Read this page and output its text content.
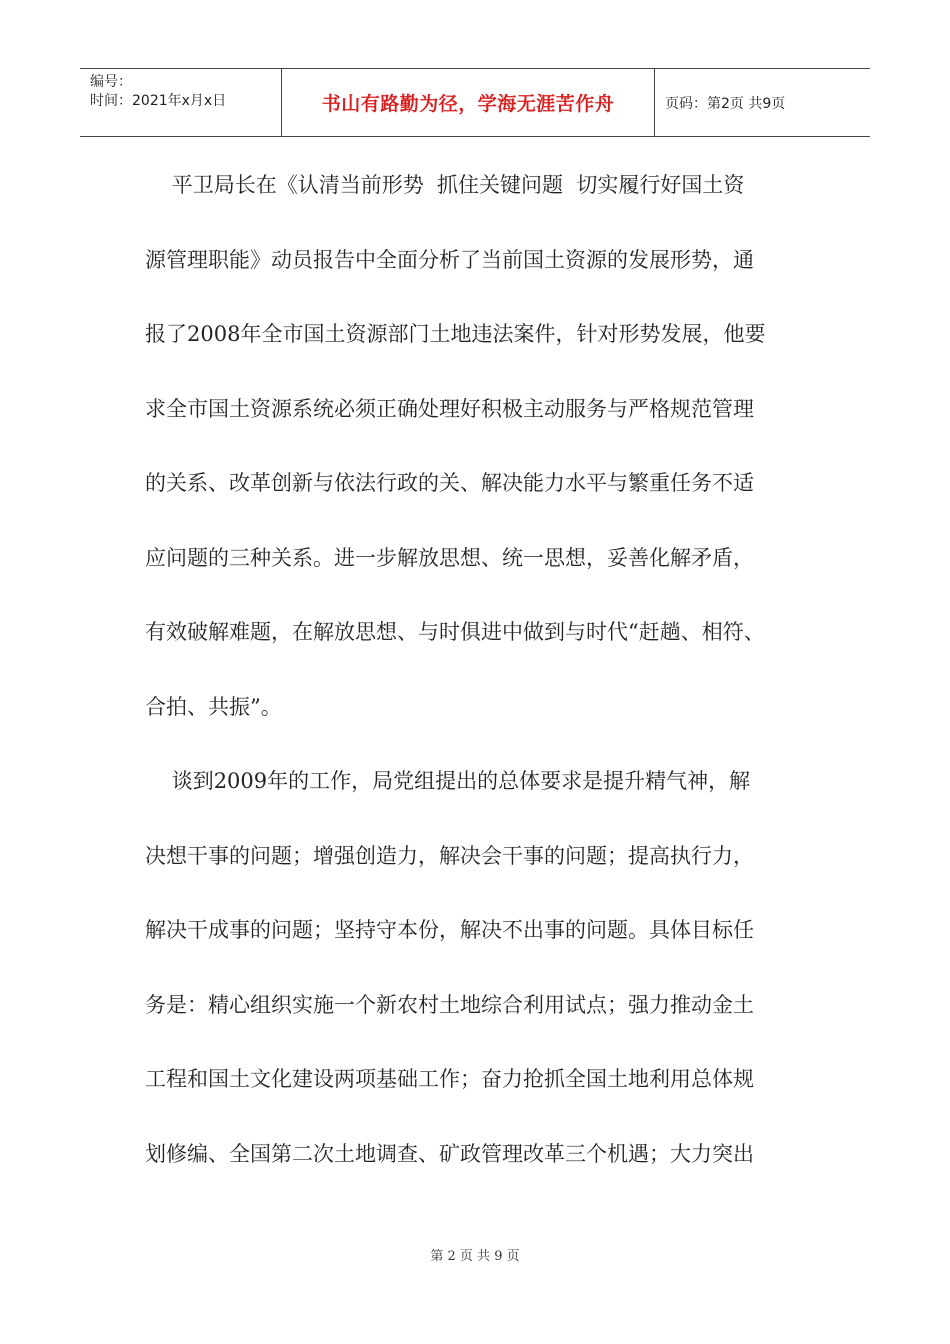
编号：
时间：2021年x月x日	书山有路勤为径，学海无涯苦作舟	页码：第2页 共9页
平卫局长在《认清当前形势  抓住关键问题  切实履行好国土资
源管理职能》动员报告中全面分析了当前国土资源的发展形势，通
报了2008年全市国土资源部门土地违法案件，针对形势发展，他要
求全市国土资源系统必须正确处理好积极主动服务与严格规范管理
的关系、改革创新与依法行政的关、解决能力水平与繁重任务不适
应问题的三种关系。进一步解放思想、统一思想，妥善化解矛盾，
有效破解难题，在解放思想、与时俱进中做到与时代“赶趟、相符、
合拍、共振”。
谈到2009年的工作，局党组提出的总体要求是提升精气神，解
决想干事的问题；增强创造力，解决会干事的问题；提高执行力，
解决干成事的问题；坚持守本份，解决不出事的问题。具体目标任
务是：精心组织实施一个新农村土地综合利用试点；强力推动金土
工程和国土文化建设两项基础工作；奋力抢抓全国土地利用总体规
划修编、全国第二次土地调查、矿政管理改革三个机遇；大力突出
第 2 页 共 9 页
